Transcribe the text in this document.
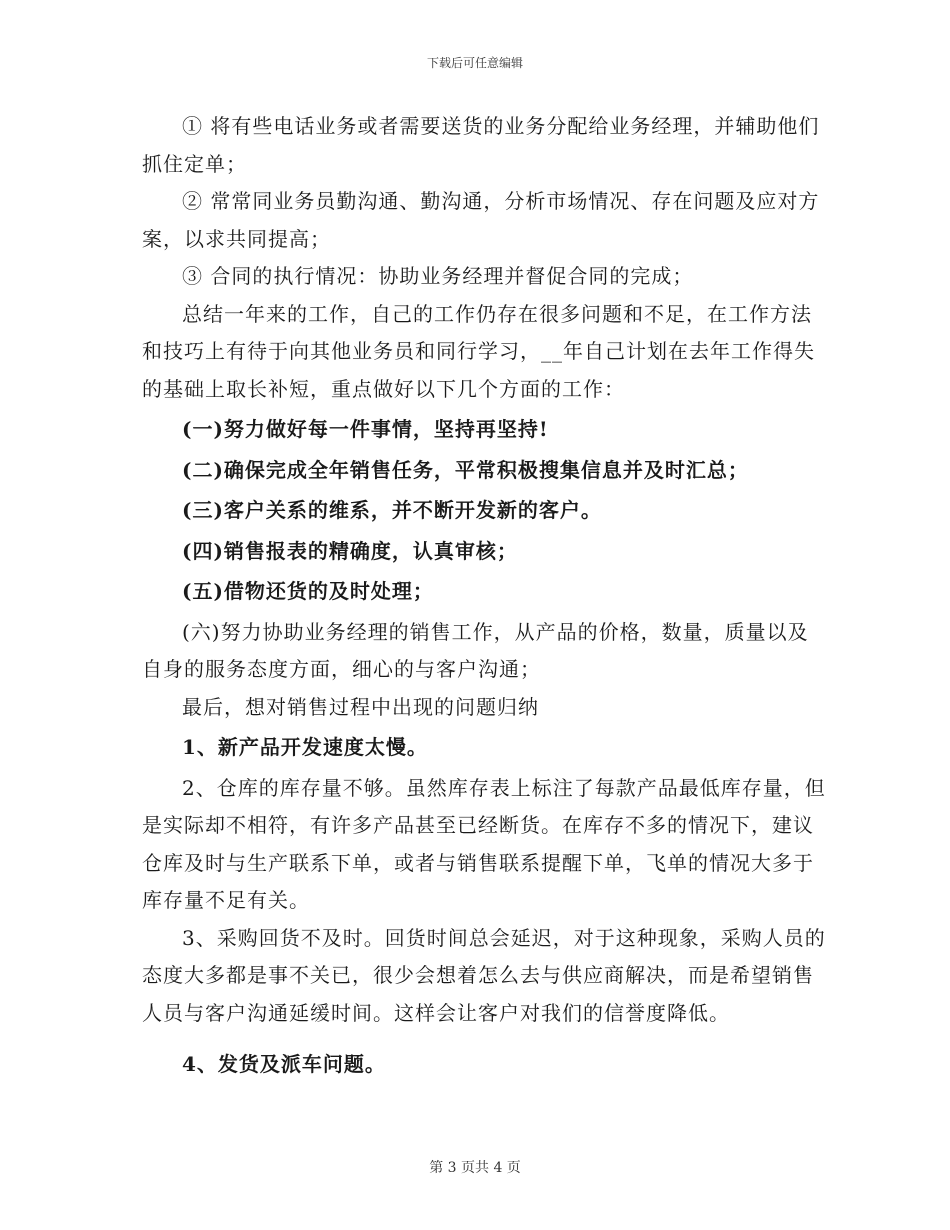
下载后可任意编辑

① 将有些电话业务或者需要送货的业务分配给业务经理，并辅助他们抓住定单；

② 常常同业务员勤沟通、勤沟通，分析市场情况、存在问题及应对方案，以求共同提高；

③ 合同的执行情况：协助业务经理并督促合同的完成；

总结一年来的工作，自己的工作仍存在很多问题和不足，在工作方法和技巧上有待于向其他业务员和同行学习，__年自己计划在去年工作得失的基础上取长补短，重点做好以下几个方面的工作：

(一)努力做好每一件事情，坚持再坚持!

(二)确保完成全年销售任务，平常积极搜集信息并及时汇总；

(三)客户关系的维系，并不断开发新的客户。

(四)销售报表的精确度，认真审核；

(五)借物还货的及时处理；

(六)努力协助业务经理的销售工作，从产品的价格，数量，质量以及自身的服务态度方面，细心的与客户沟通；

最后，想对销售过程中出现的问题归纳

1、新产品开发速度太慢。

2、仓库的库存量不够。虽然库存表上标注了每款产品最低库存量，但是实际却不相符，有许多产品甚至已经断货。在库存不多的情况下，建议仓库及时与生产联系下单，或者与销售联系提醒下单，飞单的情况大多于库存量不足有关。

3、采购回货不及时。回货时间总会延迟，对于这种现象，采购人员的态度大多都是事不关已，很少会想着怎么去与供应商解决，而是希望销售人员与客户沟通延缓时间。这样会让客户对我们的信誉度降低。

4、发货及派车问题。

第 3 页共 4 页
